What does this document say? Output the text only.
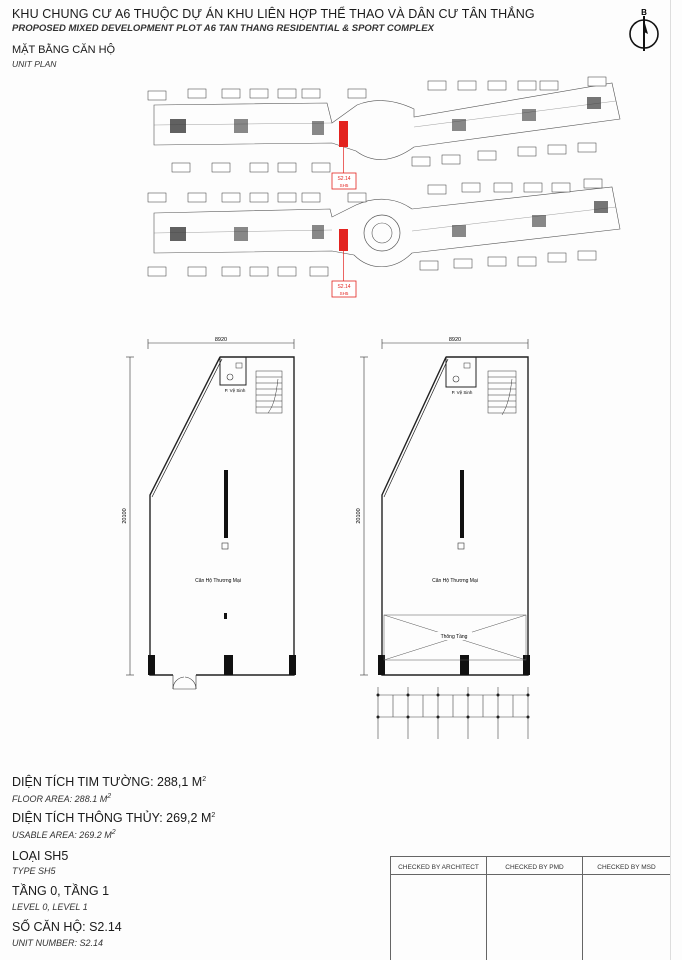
KHU CHUNG CƯ A6 THUỘC DỰ ÁN KHU LIÊN HỢP THỂ THAO VÀ DÂN CƯ TÂN THẮNG
PROPOSED MIXED DEVELOPMENT PLOT A6 TAN THANG RESIDENTIAL & SPORT COMPLEX
MẶT BẰNG CĂN HỘ
UNIT PLAN
B
S2.14
SH5
S2.14
SH5
8920
20100
P. Vệ Sinh
Căn Hộ Thương Mại
8920
20100
P. Vệ Sinh
Căn Hộ Thương Mại
Thông Tầng
DIỆN TÍCH TIM TƯỜNG: 288,1 $M^2$
FLOOR AREA: 288.1 $M^2$
DIỆN TÍCH THÔNG THỦY: 269,2 $M^2$
USABLE AREA: 269.2 $M^2$
LOẠI SH5
TYPE SH5
TẦNG 0, TẦNG 1
LEVEL 0, LEVEL 1
SỐ CĂN HỘ: S2.14
UNIT NUMBER: S2.14
CHECKED BY ARCHITECT	CHECKED BY PMD	CHECKED BY MSD
